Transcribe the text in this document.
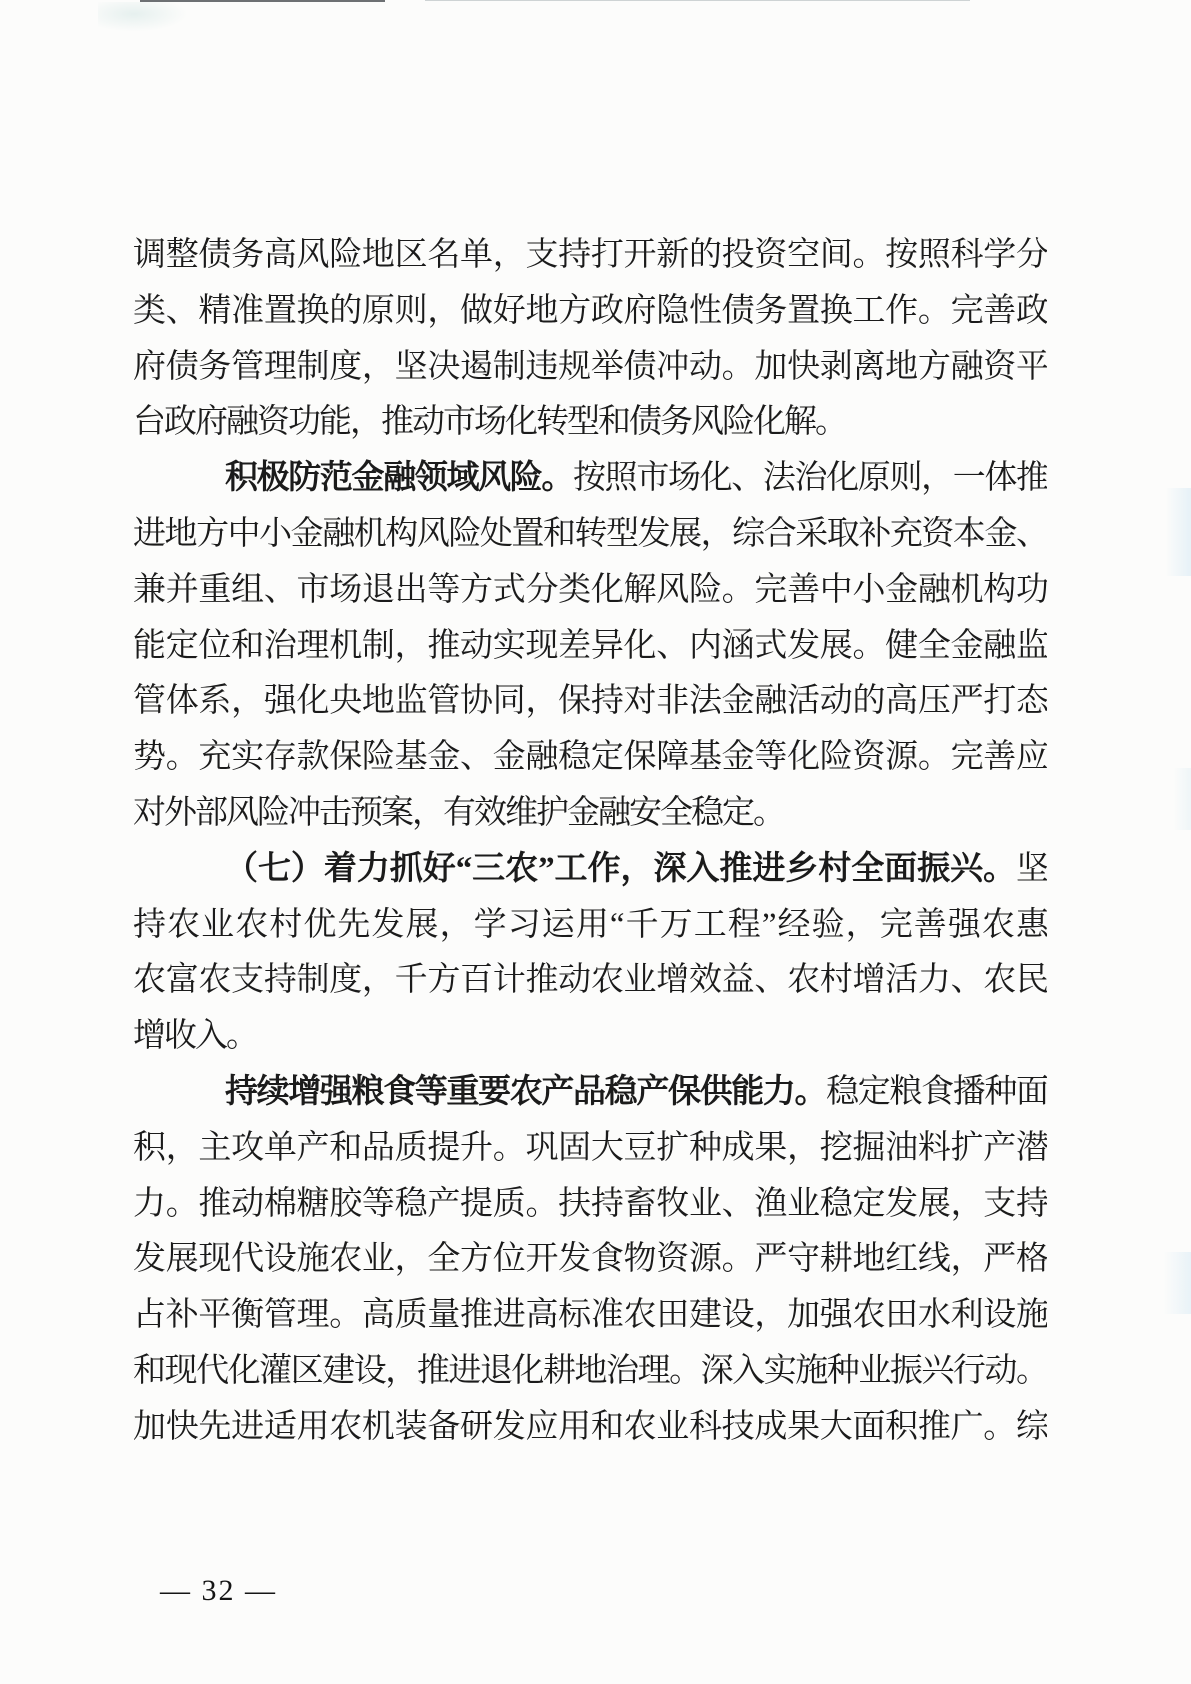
调整债务高风险地区名单，支持打开新的投资空间。按照科学分
类、精准置换的原则，做好地方政府隐性债务置换工作。完善政
府债务管理制度，坚决遏制违规举债冲动。加快剥离地方融资平
台政府融资功能，推动市场化转型和债务风险化解。
积极防范金融领域风险。按照市场化、法治化原则，一体推
进地方中小金融机构风险处置和转型发展，综合采取补充资本金、
兼并重组、市场退出等方式分类化解风险。完善中小金融机构功
能定位和治理机制，推动实现差异化、内涵式发展。健全金融监
管体系，强化央地监管协同，保持对非法金融活动的高压严打态
势。充实存款保险基金、金融稳定保障基金等化险资源。完善应
对外部风险冲击预案，有效维护金融安全稳定。
（七）着力抓好“三农”工作，深入推进乡村全面振兴。坚
持农业农村优先发展，学习运用“千万工程”经验，完善强农惠
农富农支持制度，千方百计推动农业增效益、农村增活力、农民
增收入。
持续增强粮食等重要农产品稳产保供能力。稳定粮食播种面
积，主攻单产和品质提升。巩固大豆扩种成果，挖掘油料扩产潜
力。推动棉糖胶等稳产提质。扶持畜牧业、渔业稳定发展，支持
发展现代设施农业，全方位开发食物资源。严守耕地红线，严格
占补平衡管理。高质量推进高标准农田建设，加强农田水利设施
和现代化灌区建设，推进退化耕地治理。深入实施种业振兴行动。
加快先进适用农机装备研发应用和农业科技成果大面积推广。综
— 32 —
